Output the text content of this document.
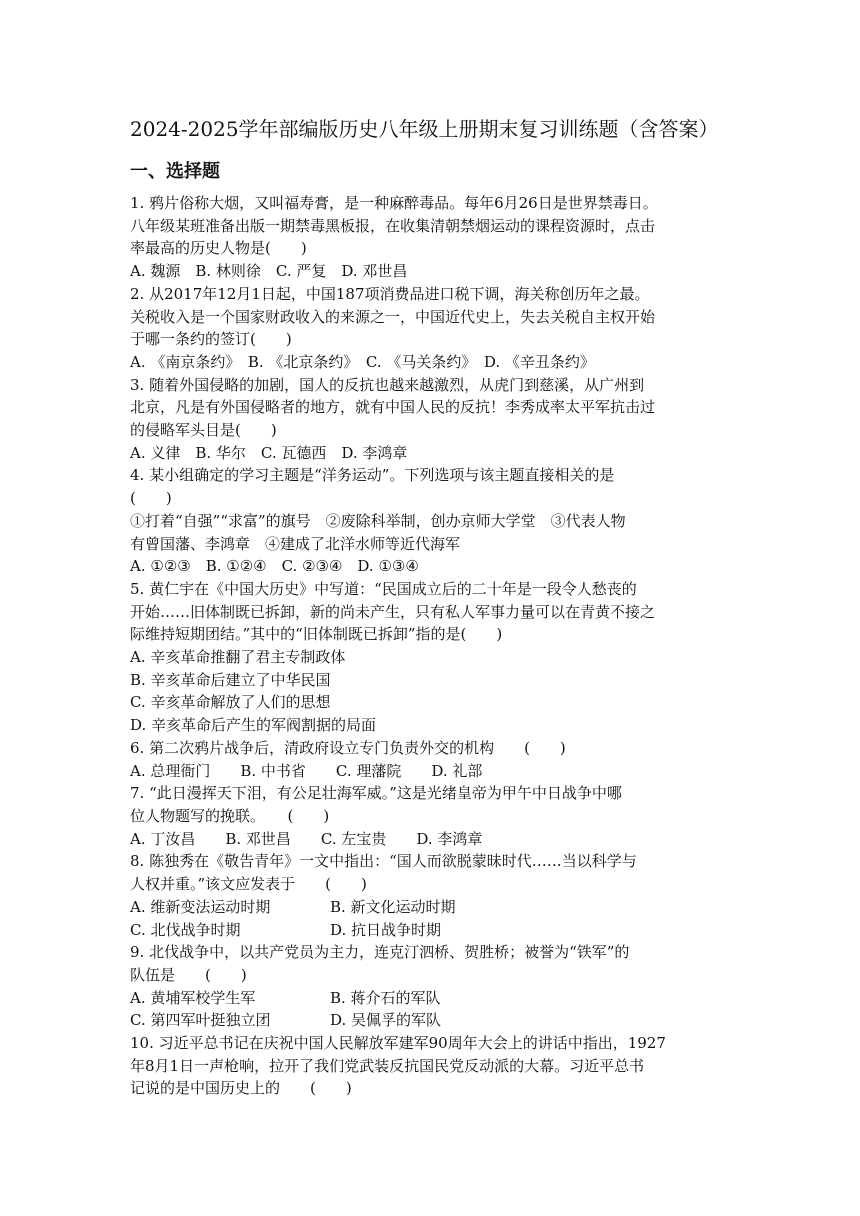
2024-2025学年部编版历史八年级上册期末复习训练题（含答案）
一、选择题
1. 鸦片俗称大烟，又叫福寿膏，是一种麻醉毒品。每年6月26日是世界禁毒日。
八年级某班准备出版一期禁毒黑板报，在收集清朝禁烟运动的课程资源时，点击
率最高的历史人物是(　　)
A. 魏源　B. 林则徐　C. 严复　D. 邓世昌
2. 从2017年12月1日起，中国187项消费品进口税下调，海关称创历年之最。
关税收入是一个国家财政收入的来源之一，中国近代史上，失去关税自主权开始
于哪一条约的签订(　　)
A. 《南京条约》　B. 《北京条约》　C. 《马关条约》　D. 《辛丑条约》
3. 随着外国侵略的加剧，国人的反抗也越来越激烈，从虎门到慈溪，从广州到
北京，凡是有外国侵略者的地方，就有中国人民的反抗！李秀成率太平军抗击过
的侵略军头目是(　　)
A. 义律　B. 华尔　C. 瓦德西　D. 李鸿章
4. 某小组确定的学习主题是“洋务运动”。下列选项与该主题直接相关的是
(　　)
①打着“自强”“求富”的旗号　②废除科举制，创办京师大学堂　③代表人物
有曾国藩、李鸿章　④建成了北洋水师等近代海军
A. ①②③　B. ①②④　C. ②③④　D. ①③④
5. 黄仁宇在《中国大历史》中写道：“民国成立后的二十年是一段令人愁丧的
开始……旧体制既已拆卸，新的尚未产生，只有私人军事力量可以在青黄不接之
际维持短期团结。”其中的“旧体制既已拆卸”指的是(　　)
A. 辛亥革命推翻了君主专制政体
B. 辛亥革命后建立了中华民国
C. 辛亥革命解放了人们的思想
D. 辛亥革命后产生的军阀割据的局面
6. 第二次鸦片战争后，清政府设立专门负责外交的机构　　(　　)
A. 总理衙门　　B. 中书省　　C. 理藩院　　D. 礼部
7. “此日漫挥天下泪，有公足壮海军威。”这是光绪皇帝为甲午中日战争中哪
位人物题写的挽联。　　(　　)
A. 丁汝昌　　B. 邓世昌　　C. 左宝贵　　D. 李鸿章
8. 陈独秀在《敬告青年》一文中指出：“国人而欲脱蒙昧时代……当以科学与
人权并重。”该文应发表于　　(　　)
A. 维新变法运动时期	B. 新文化运动时期
C. 北伐战争时期	D. 抗日战争时期
9. 北伐战争中，以共产党员为主力，连克汀泗桥、贺胜桥；被誉为“铁军”的
队伍是　　(　　)
A. 黄埔军校学生军	B. 蒋介石的军队
C. 第四军叶挺独立团	D. 吴佩孚的军队
10. 习近平总书记在庆祝中国人民解放军建军90周年大会上的讲话中指出，1927
年8月1日一声枪响，拉开了我们党武装反抗国民党反动派的大幕。习近平总书
记说的是中国历史上的　　(　　)
